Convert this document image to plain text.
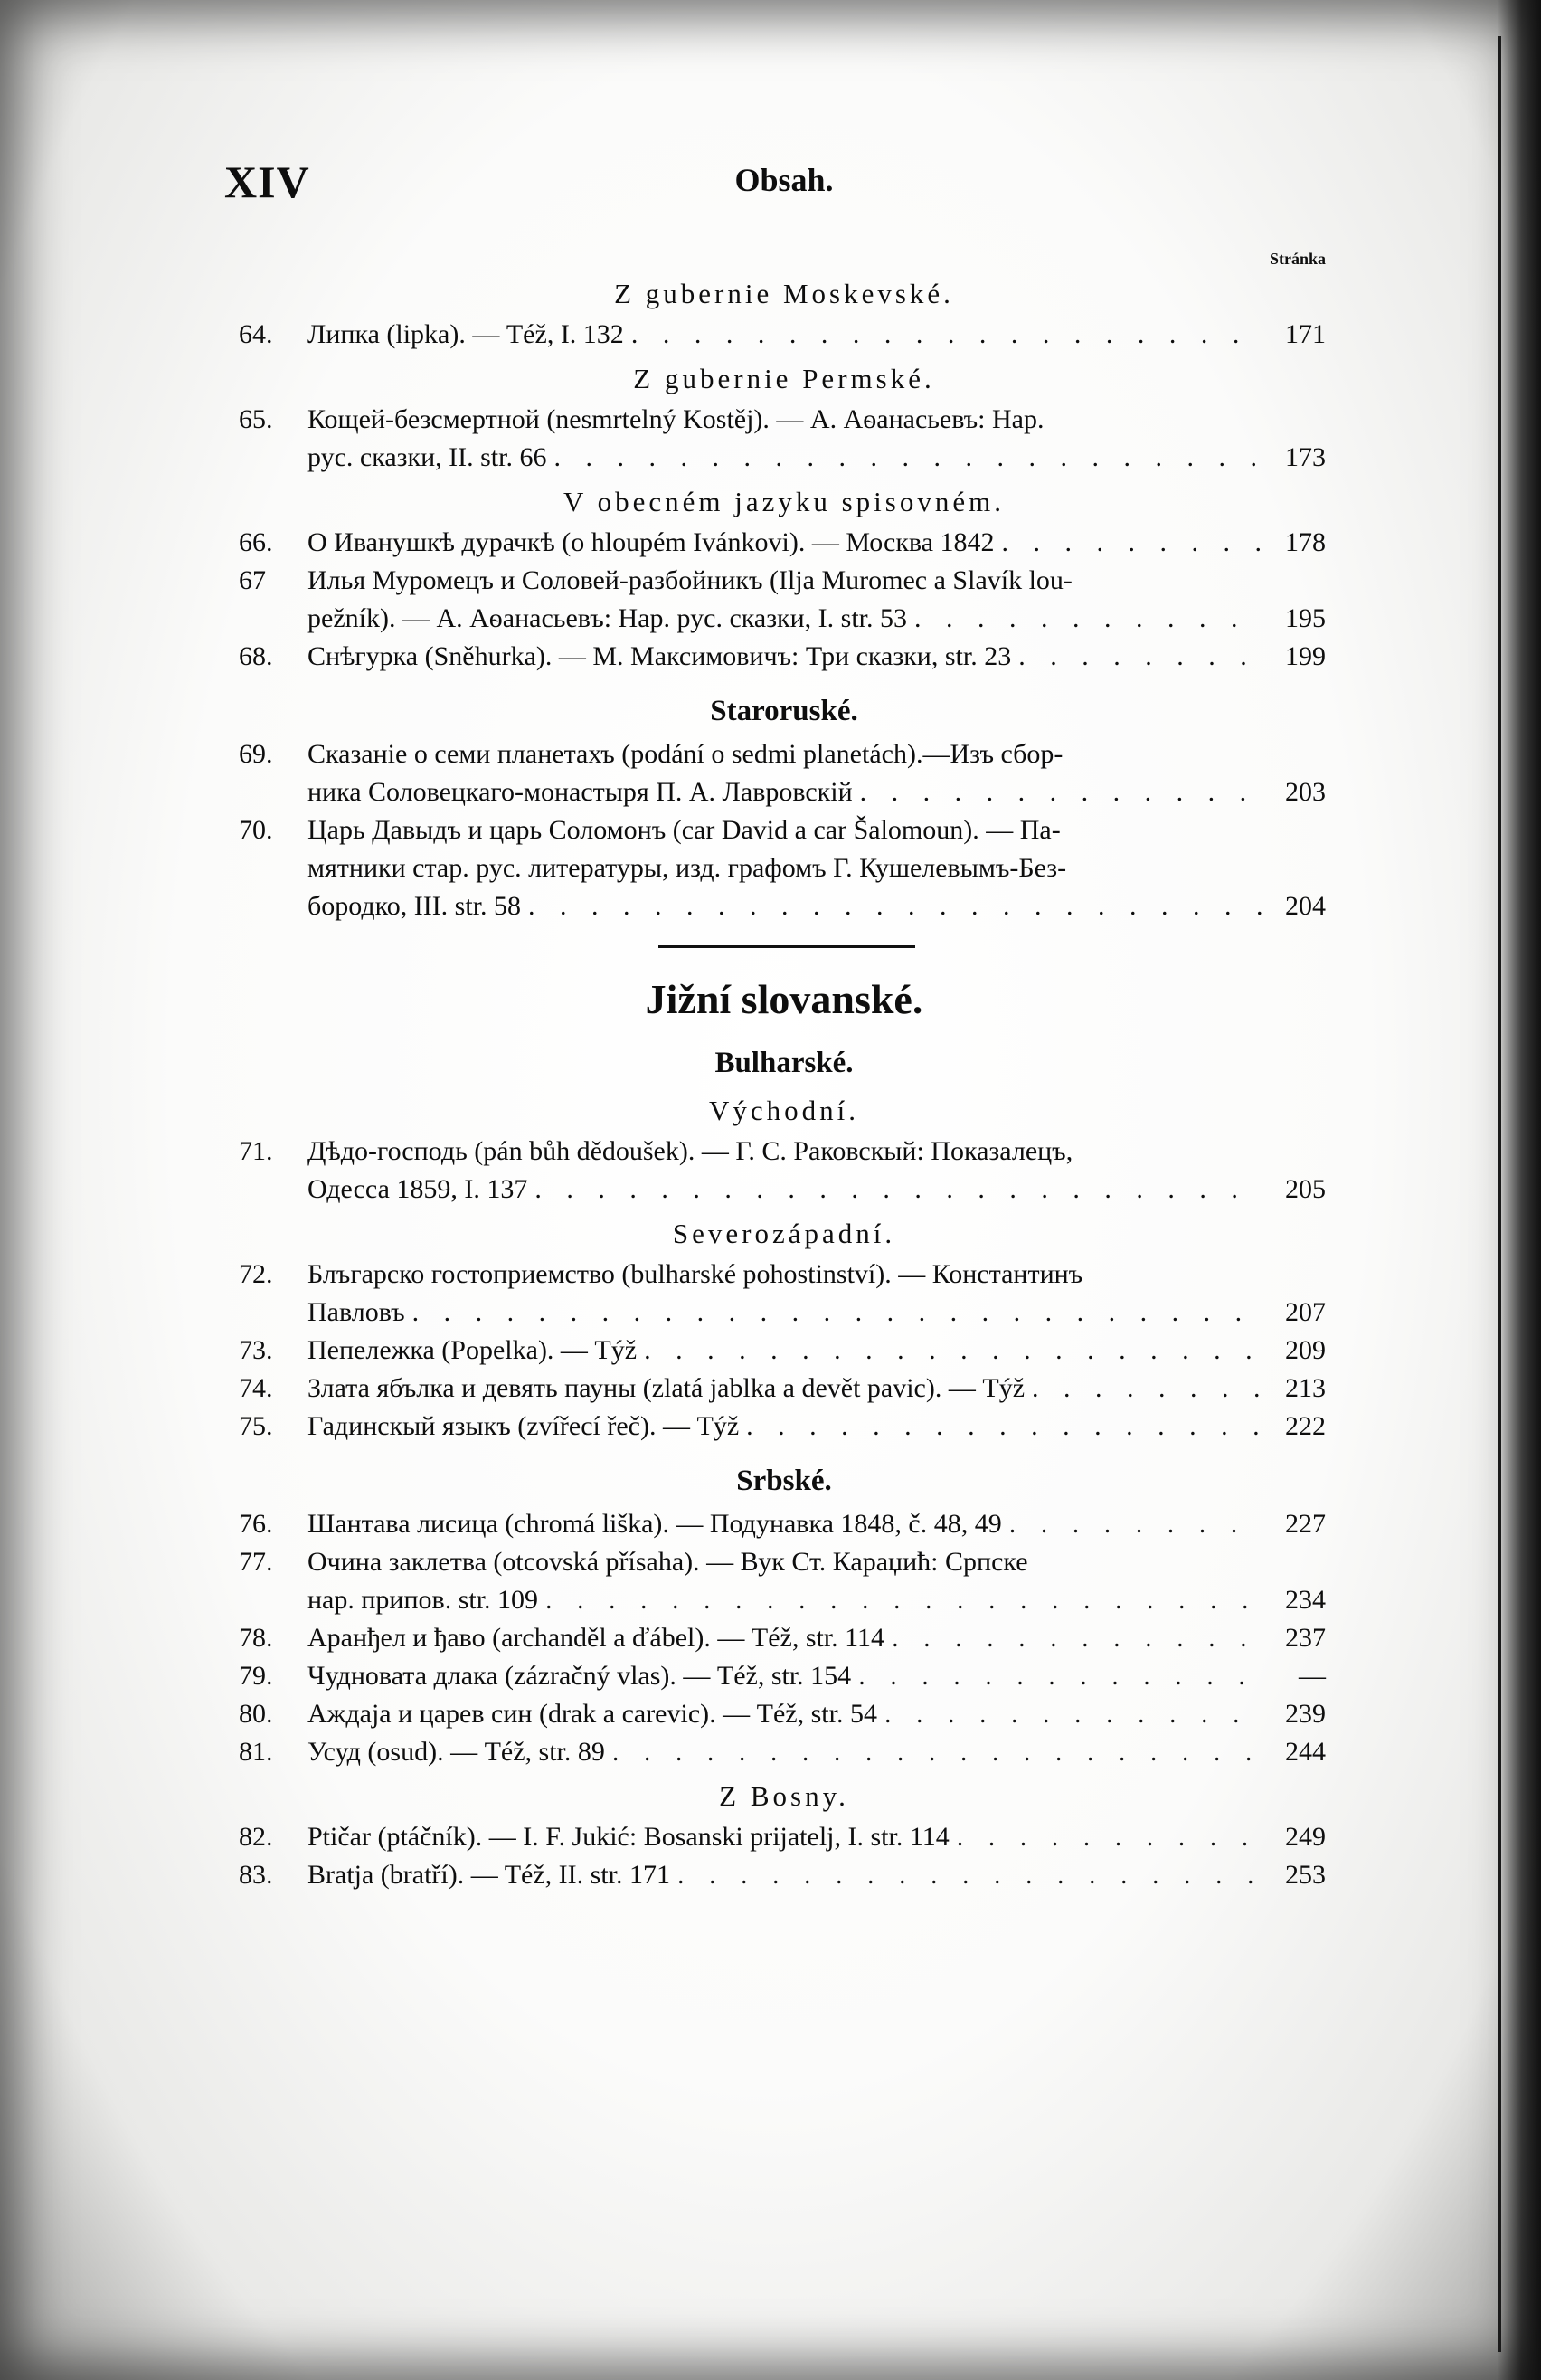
XIV	Obsah.
Stránka
Z gubernie Moskevské.
64.	Липка (lipka). — Též, I. 132 . . .	171
Z gubernie Permské.
65.	Кощей-безсмертной (nesmrtelný Kostěj). — А. Аѳанасьевъ: Нар.
рус. сказки, II. str. 66 . . .	173
V obecném jazyku spisovném.
66.	О Иванушкѣ дурачкѣ (o hloupém Ivánkovi). — Москва 1842 . . .	178
67	Илья Муромецъ и Соловей-разбойникъ (Ilja Muromec a Slavík lou-
pežník). — А. Аѳанасьевъ: Нар. рус. сказки, I. str. 53 . . .	195
68.	Снѣгурка (Sněhurka). — М. Максимовичъ: Три сказки, str. 23 . . .	199
Staroruské.
69.	Сказаніе о семи планетахъ (podání o sedmi planetách).—Изъ сбор-
ника Соловецкаго-монастыря П. А. Лавровскій . . .	203
70.	Царь Давыдъ и царь Соломонъ (car David a car Šalomoun). — Па-
мятники стар. рус. литературы, изд. графомъ Г. Кушелевымъ-Без-
бородко, III. str. 58 . . .	204
Jižní slovanské.
Bulharské.
Východní.
71.	Дѣдо-господь (pán bůh dědoušek). — Г. С. Раковскый: Показалецъ,
Одесса 1859, I. 137 . . .	205
Severozápadní.
72.	Блъгарско гостоприемство (bulharské pohostinství). — Константинъ
Павловъ . . .	207
73.	Пепележка (Popelka). — Týž . . .	209
74.	Злата ябълка и девять пауны (zlatá jablka a devět pavic). — Týž . . .	213
75.	Гадинскый языкъ (zvířecí řeč). — Týž . . .	222
Srbské.
76.	Шантава лисица (chromá liška). — Подунавка 1848, č. 48, 49 . . .	227
77.	Очина заклетва (otcovská přísaha). — Вук Ст. Караџић: Српске
нар. припов. str. 109 . . .	234
78.	Аранђел и ђаво (archanděl a ďábel). — Též, str. 114 . . .	237
79.	Чудновата длака (zázračný vlas). — Též, str. 154 . . .	—
80.	Аждаја и царев син (drak a carevic). — Též, str. 54 . . .	239
81.	Усуд (osud). — Též, str. 89 . . .	244
Z Bosny.
82.	Ptičar (ptáčník). — I. F. Jukić: Bosanski prijatelj, I. str. 114 . . .	249
83.	Bratja (bratří). — Též, II. str. 171 . . .	253
